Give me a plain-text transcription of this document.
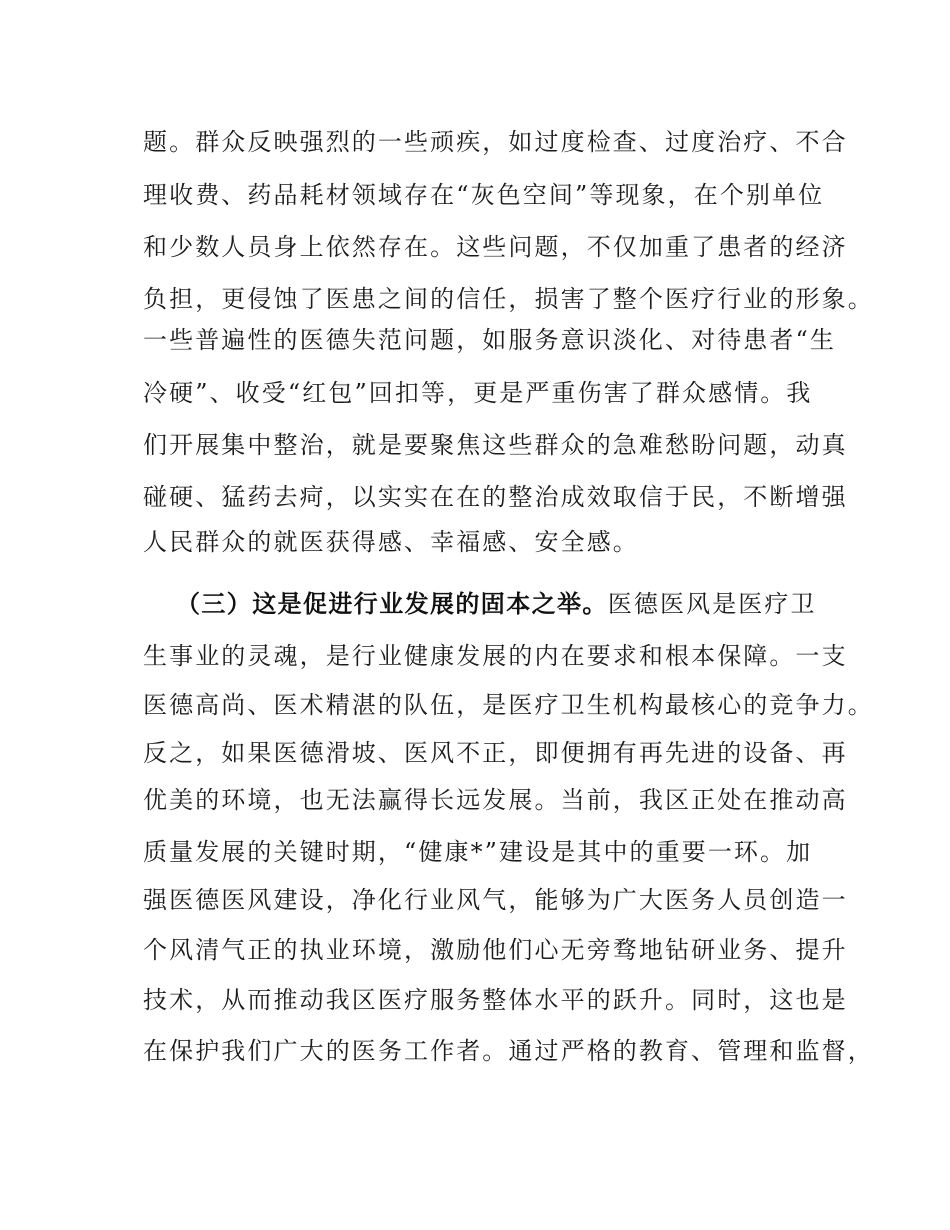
题。群众反映强烈的一些顽疾，如过度检查、过度治疗、不合
理收费、药品耗材领域存在“灰色空间”等现象，在个别单位
和少数人员身上依然存在。这些问题，不仅加重了患者的经济
负担，更侵蚀了医患之间的信任，损害了整个医疗行业的形象。
一些普遍性的医德失范问题，如服务意识淡化、对待患者“生
冷硬”、收受“红包”回扣等，更是严重伤害了群众感情。我
们开展集中整治，就是要聚焦这些群众的急难愁盼问题，动真
碰硬、猛药去疴，以实实在在的整治成效取信于民，不断增强
人民群众的就医获得感、幸福感、安全感。
（三）这是促进行业发展的固本之举。医德医风是医疗卫
生事业的灵魂，是行业健康发展的内在要求和根本保障。一支
医德高尚、医术精湛的队伍，是医疗卫生机构最核心的竞争力。
反之，如果医德滑坡、医风不正，即便拥有再先进的设备、再
优美的环境，也无法赢得长远发展。当前，我区正处在推动高
质量发展的关键时期，“健康*”建设是其中的重要一环。加
强医德医风建设，净化行业风气，能够为广大医务人员创造一
个风清气正的执业环境，激励他们心无旁骛地钻研业务、提升
技术，从而推动我区医疗服务整体水平的跃升。同时，这也是
在保护我们广大的医务工作者。通过严格的教育、管理和监督，
